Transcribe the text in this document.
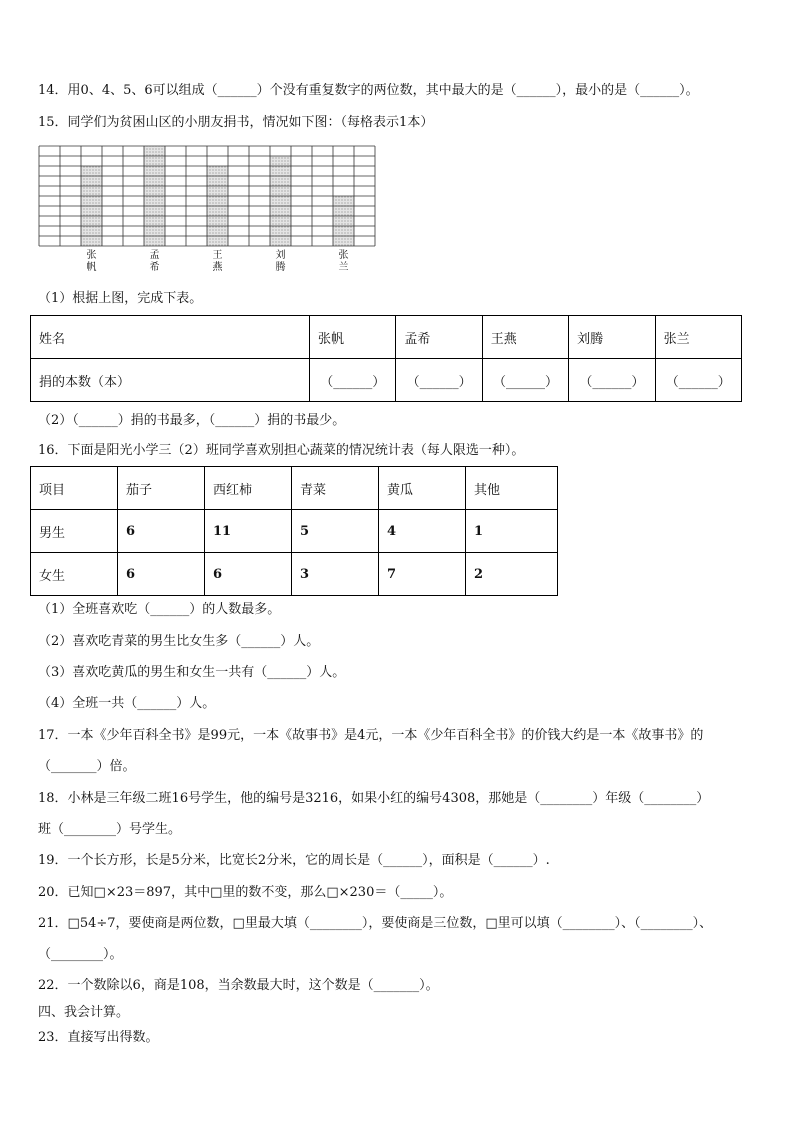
14．用0、4、5、6可以组成（______）个没有重复数字的两位数，其中最大的是（______），最小的是（______）。
15．同学们为贫困山区的小朋友捐书，情况如下图：（每格表示1本）
张
帆
孟
希
王
燕
刘
腾
张
兰
（1）根据上图，完成下表。
姓名	张帆	孟希	王燕	刘腾	张兰
捐的本数（本）	（______）	（______）	（______）	（______）	（______）
（2）（______）捐的书最多，（______）捐的书最少。
16．下面是阳光小学三（2）班同学喜欢别担心蔬菜的情况统计表（每人限选一种）。
项目	茄子	西红柿	青菜	黄瓜	其他
男生	6	11	5	4	1
女生	6	6	3	7	2
（1）全班喜欢吃（______）的人数最多。
（2）喜欢吃青菜的男生比女生多（______）人。
（3）喜欢吃黄瓜的男生和女生一共有（______）人。
（4）全班一共（______）人。
17．一本《少年百科全书》是99元，一本《故事书》是4元，一本《少年百科全书》的价钱大约是一本《故事书》的
（_______）倍。
18．小林是三年级二班16号学生，他的编号是3216，如果小红的编号4308，那她是（________）年级（________）
班（________）号学生。
19．一个长方形，长是5分米，比宽长2分米，它的周长是（______），面积是（______）.
20．已知□×23＝897，其中□里的数不变，那么□×230＝（_____）。
21．□54÷7，要使商是两位数，□里最大填（________），要使商是三位数，□里可以填（________）、（________）、
（________）。
22．一个数除以6，商是108，当余数最大时，这个数是（_______）。
四、我会计算。
23．直接写出得数。
